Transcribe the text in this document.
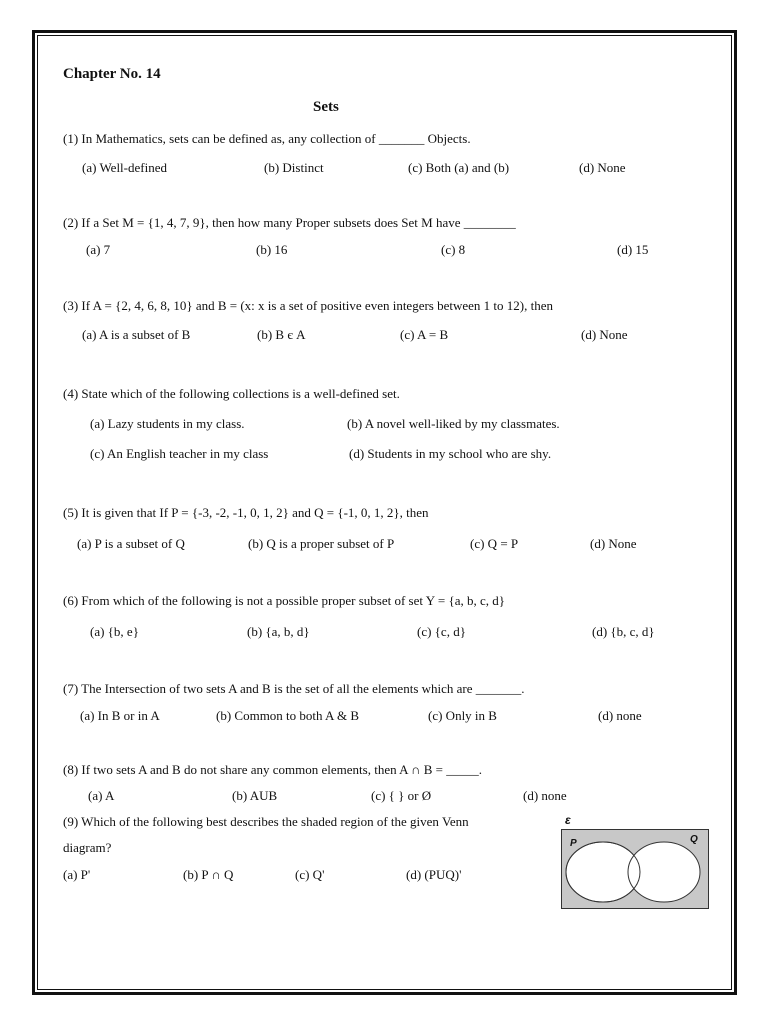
Chapter No. 14
Sets
(1) In Mathematics, sets can be defined as, any collection of _______ Objects.
(a) Well-defined	(b) Distinct	(c) Both (a) and (b)	(d) None
(2) If a Set M = {1, 4, 7, 9}, then how many Proper subsets does Set M have ________
(a) 7	(b) 16	(c) 8	(d) 15
(3) If A = {2, 4, 6, 8, 10} and B = (x: x is a set of positive even integers between 1 to 12), then
(a) A is a subset of B	(b) B є A	(c) A = B	(d) None
(4) State which of the following collections is a well-defined set.
(a) Lazy students in my class.	(b) A novel well-liked by my classmates.
(c) An English teacher in my class	(d) Students in my school who are shy.
(5) It is given that If P = {-3, -2, -1, 0, 1, 2} and Q = {-1, 0, 1, 2}, then
(a) P is a subset of Q	(b) Q is a proper subset of P	(c) Q = P	(d) None
(6) From which of the following is not a possible proper subset of set Y = {a, b, c, d}
(a) {b, e}	(b) {a, b, d}	(c) {c, d}	(d) {b, c, d}
(7) The Intersection of two sets A and B is the set of all the elements which are _______.
(a) In B or in A	(b) Common to both A & B	(c) Only in B	(d) none
(8) If two sets A and B do not share any common elements, then A ∩ B = _____.
(a) A	(b) AUB	(c) { } or Ø	(d) none
(9) Which of the following best describes the shaded region of the given Venn
diagram?
(a) P'	(b) P ∩ Q	(c) Q'	(d) (PUQ)'
ε
P	Q
